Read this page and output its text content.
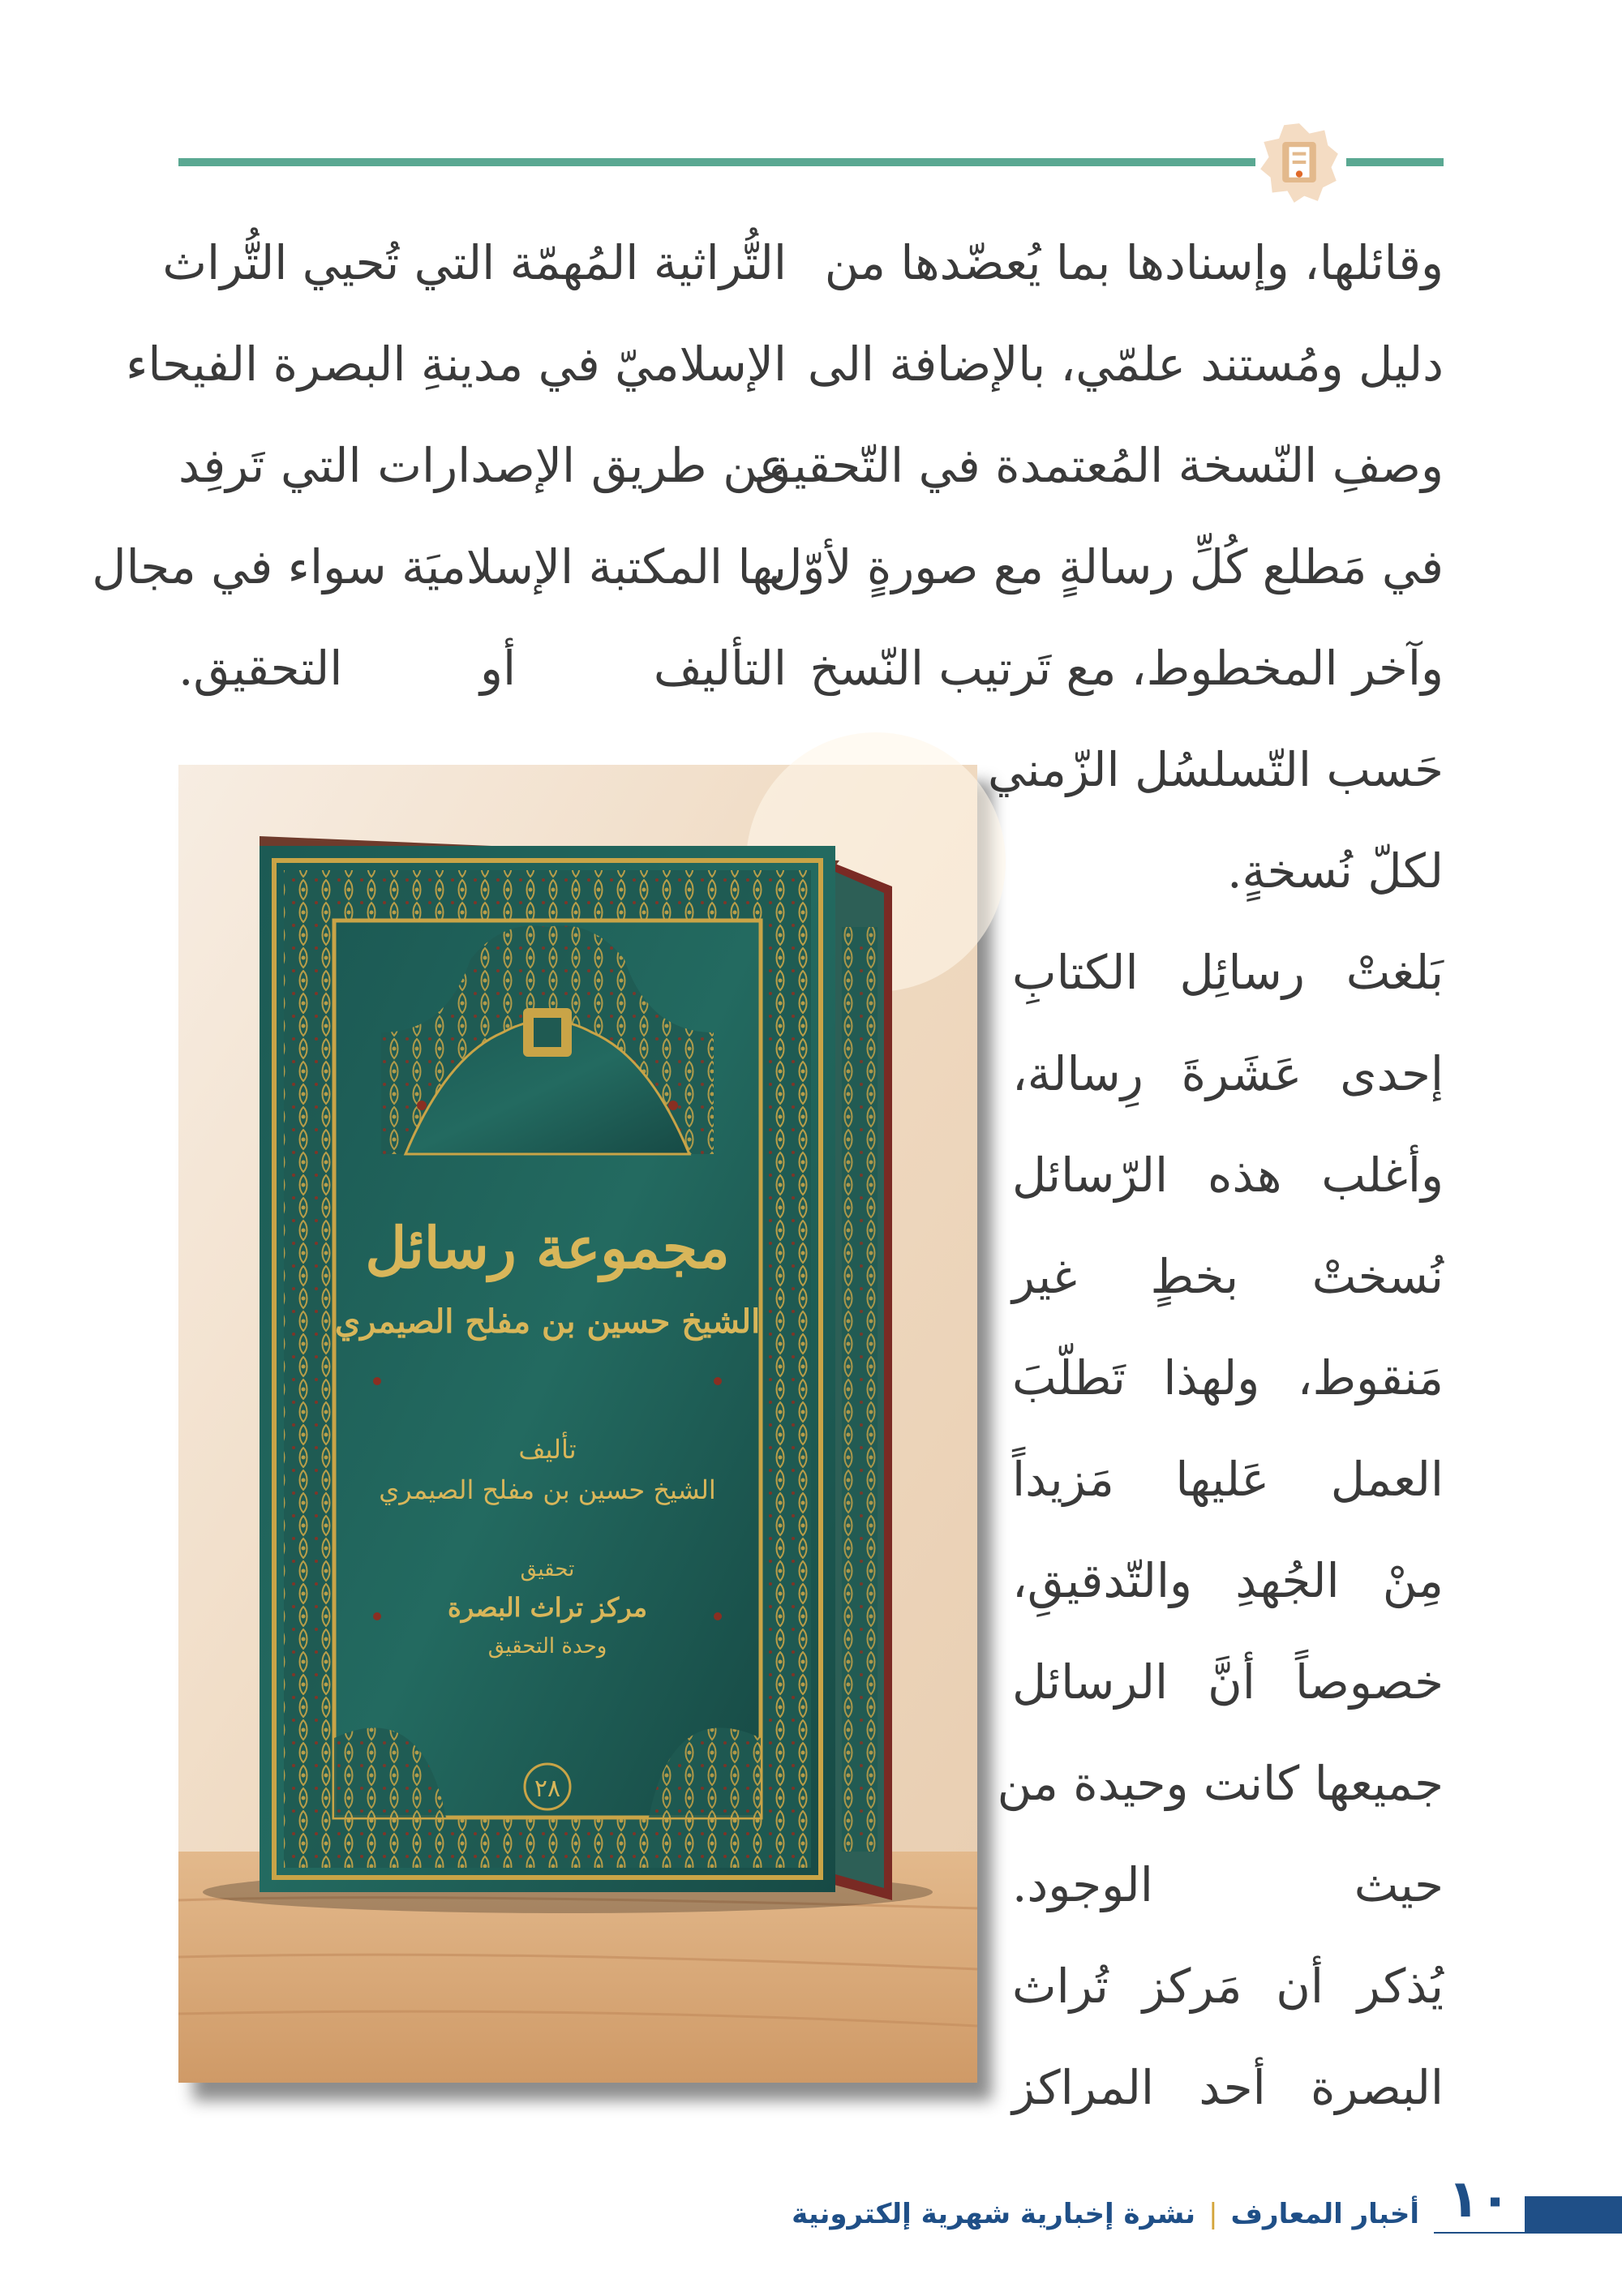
وقائلها، وإسنادها بما يُعضّدها من
دليل ومُستند علمّي، بالإضافة الى
وصفِ النّسخة المُعتمدة في التّحقيق
في مَطلع كُلِّ رسالةٍ مع صورةٍ لأوّل
وآخر المخطوط، مع تَرتيب النّسخ
حَسب التّسلسُل الزّمني
لكلّ نُسخةٍ.
بَلغتْ رسائِل الكتابِ
إحدى عَشَرةَ رِسالة،
وأغلب هذه الرّسائل
نُسختْ بخطٍ غير
مَنقوط، ولهذا تَطلّبَ
العمل عَليها مَزيداً
مِنْ الجُهدِ والتّدقيقِ،
خصوصاً أنَّ الرسائل
جميعها كانت وحيدة من
حيث الوجود.
يُذكر أن مَركز تُراث
البصرة أحد المراكز
التُّراثية المُهمّة التي تُحيي التُّراث
الإسلاميّ في مدينةِ البصرة الفيحاء
عن طريق الإصدارات التي تَرفِد
بها المكتبة الإسلاميَة سواء في مجال
التأليف أو التحقيق.
مجموعة رسائل
الشيخ حسين بن مفلح الصيمري
تأليف
الشيخ حسين بن مفلح الصيمري
تحقيق
مركز تراث البصرة
وحدة التحقيق
٢٨
١٠
أخبار المعارف|نشرة إخبارية شهرية إلكترونية
